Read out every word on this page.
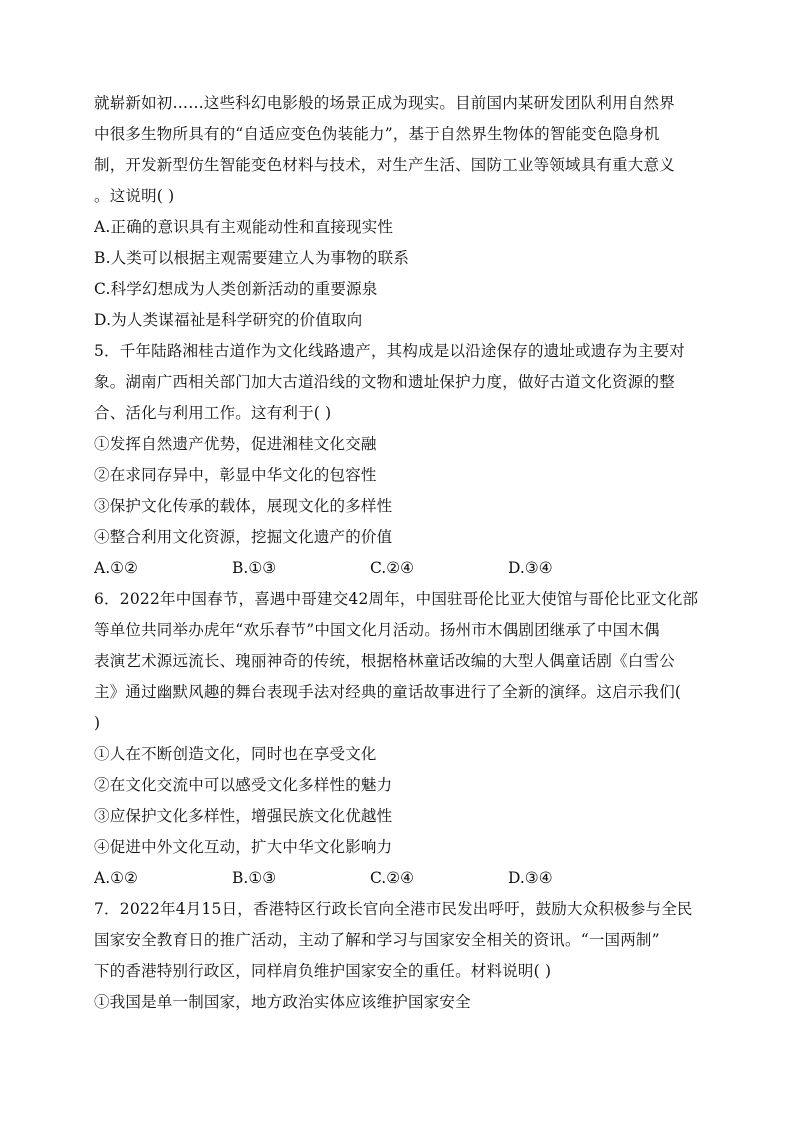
就崭新如初……这些科幻电影般的场景正成为现实。目前国内某研发团队利用自然界
中很多生物所具有的“自适应变色伪装能力”，基于自然界生物体的智能变色隐身机
制，开发新型仿生智能变色材料与技术，对生产生活、国防工业等领域具有重大意义
。这说明( )
A.正确的意识具有主观能动性和直接现实性
B.人类可以根据主观需要建立人为事物的联系
C.科学幻想成为人类创新活动的重要源泉
D.为人类谋福祉是科学研究的价值取向
5．千年陆路湘桂古道作为文化线路遗产，其构成是以沿途保存的遗址或遗存为主要对
象。湖南广西相关部门加大古道沿线的文物和遗址保护力度，做好古道文化资源的整
合、活化与利用工作。这有利于( )
①发挥自然遗产优势，促进湘桂文化交融
②在求同存异中，彰显中华文化的包容性
③保护文化传承的载体，展现文化的多样性
④整合利用文化资源，挖掘文化遗产的价值
A.①②	B.①③	C.②④	D.③④
6．2022年中国春节，喜遇中哥建交42周年，中国驻哥伦比亚大使馆与哥伦比亚文化部
等单位共同举办虎年“欢乐春节”中国文化月活动。扬州市木偶剧团继承了中国木偶
表演艺术源远流长、瑰丽神奇的传统，根据格林童话改编的大型人偶童话剧《白雪公
主》通过幽默风趣的舞台表现手法对经典的童话故事进行了全新的演绎。这启示我们(
)
①人在不断创造文化，同时也在享受文化
②在文化交流中可以感受文化多样性的魅力
③应保护文化多样性，增强民族文化优越性
④促进中外文化互动，扩大中华文化影响力
A.①②	B.①③	C.②④	D.③④
7．2022年4月15日，香港特区行政长官向全港市民发出呼吁，鼓励大众积极参与全民
国家安全教育日的推广活动，主动了解和学习与国家安全相关的资讯。“一国两制”
下的香港特别行政区，同样肩负维护国家安全的重任。材料说明( )
①我国是单一制国家，地方政治实体应该维护国家安全
